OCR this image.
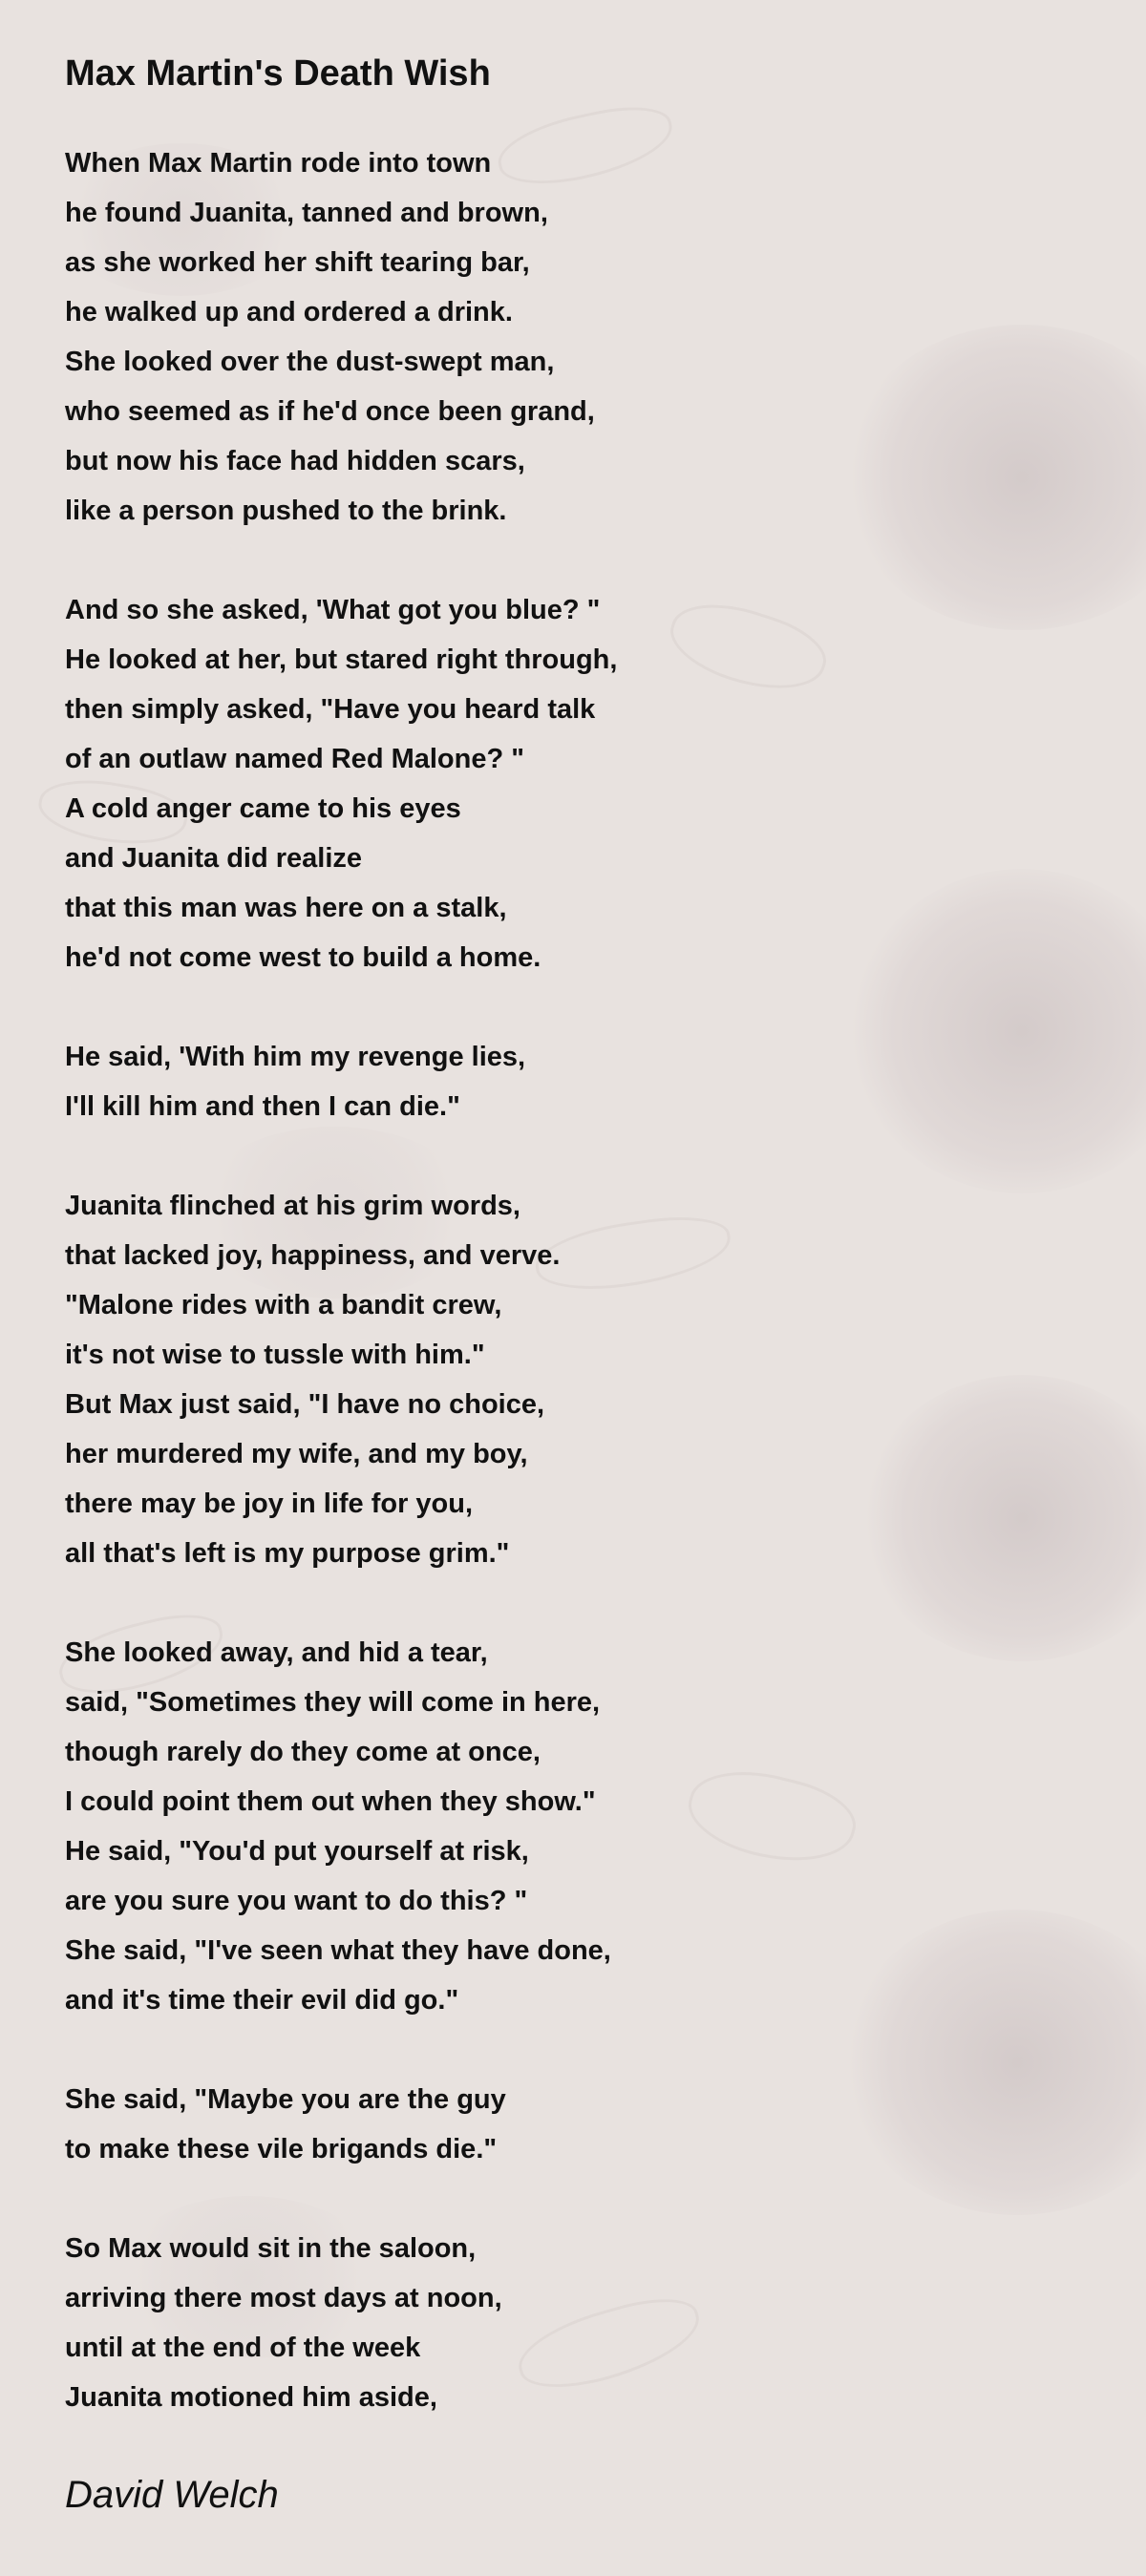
Max Martin's Death Wish
When Max Martin rode into town
he found Juanita, tanned and brown,
as she worked her shift tearing bar,
he walked up and ordered a drink.
She looked over the dust-swept man,
who seemed as if he'd once been grand,
but now his face had hidden scars,
like a person pushed to the brink.
And so she asked, 'What got you blue? "
He looked at her, but stared right through,
then simply asked, "Have you heard talk
of an outlaw named Red Malone? "
A cold anger came to his eyes
and Juanita did realize
that this man was here on a stalk,
he'd not come west to build a home.
He said, 'With him my revenge lies,
I'll kill him and then I can die."
Juanita flinched at his grim words,
that lacked joy, happiness, and verve.
"Malone rides with a bandit crew,
it's not wise to tussle with him."
But Max just said, "I have no choice,
her murdered my wife, and my boy,
there may be joy in life for you,
all that's left is my purpose grim."
She looked away, and hid a tear,
said, "Sometimes they will come in here,
though rarely do they come at once,
I could point them out when they show."
He said, "You'd put yourself at risk,
are you sure you want to do this? "
She said, "I've seen what they have done,
and it's time their evil did go."
She said, "Maybe you are the guy
to make these vile brigands die."
So Max would sit in the saloon,
arriving there most days at noon,
until at the end of the week
Juanita motioned him aside,
David Welch
